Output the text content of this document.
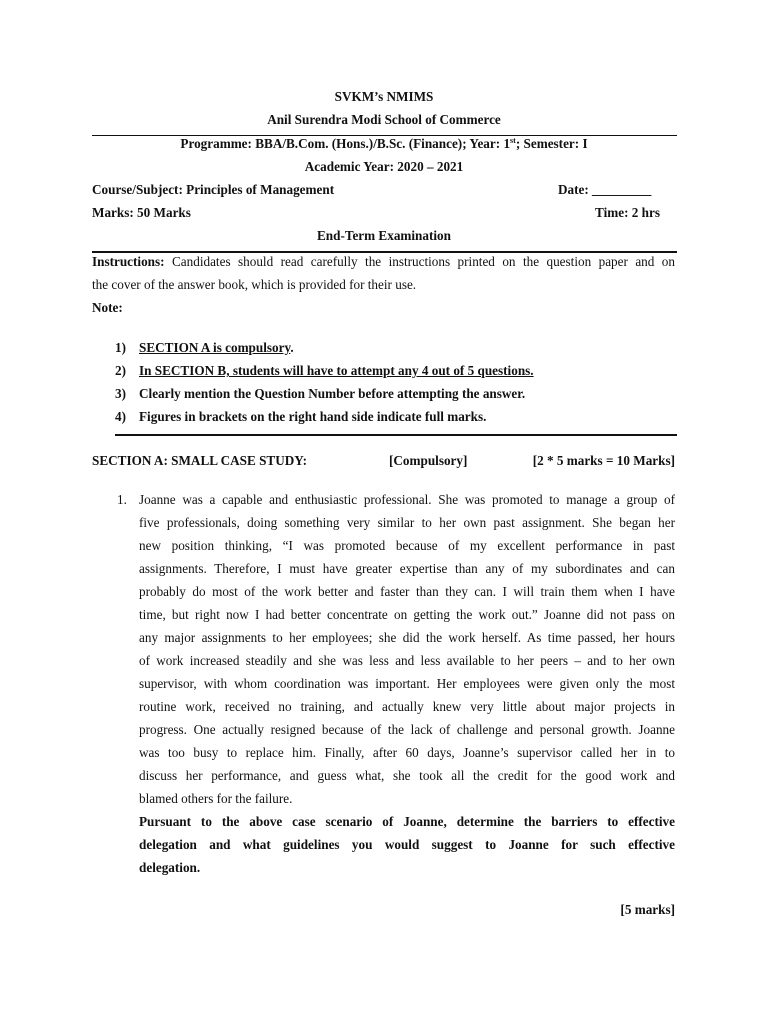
SVKM’s NMIMS
Anil Surendra Modi School of Commerce
Programme: BBA/B.Com. (Hons.)/B.Sc. (Finance); Year: 1st; Semester: I
Academic Year: 2020 – 2021
Course/Subject: Principles of Management	Date: _________
Marks: 50 Marks	Time: 2 hrs
End-Term Examination
Instructions: Candidates should read carefully the instructions printed on the question paper and on
the cover of the answer book, which is provided for their use.
Note:
1) SECTION A is compulsory.
2) In SECTION B, students will have to attempt any 4 out of 5 questions.
3) Clearly mention the Question Number before attempting the answer.
4) Figures in brackets on the right hand side indicate full marks.
SECTION A: SMALL CASE STUDY:	[Compulsory]	[2 * 5 marks = 10 Marks]
1. Joanne was a capable and enthusiastic professional. She was promoted to manage a group of
five professionals, doing something very similar to her own past assignment. She began her
new position thinking, “I was promoted because of my excellent performance in past
assignments. Therefore, I must have greater expertise than any of my subordinates and can
probably do most of the work better and faster than they can. I will train them when I have
time, but right now I had better concentrate on getting the work out.” Joanne did not pass on
any major assignments to her employees; she did the work herself. As time passed, her hours
of work increased steadily and she was less and less available to her peers – and to her own
supervisor, with whom coordination was important. Her employees were given only the most
routine work, received no training, and actually knew very little about major projects in
progress. One actually resigned because of the lack of challenge and personal growth. Joanne
was too busy to replace him. Finally, after 60 days, Joanne’s supervisor called her in to
discuss her performance, and guess what, she took all the credit for the good work and
blamed others for the failure.
Pursuant to the above case scenario of Joanne, determine the barriers to effective
delegation and what guidelines you would suggest to Joanne for such effective
delegation.
[5 marks]
